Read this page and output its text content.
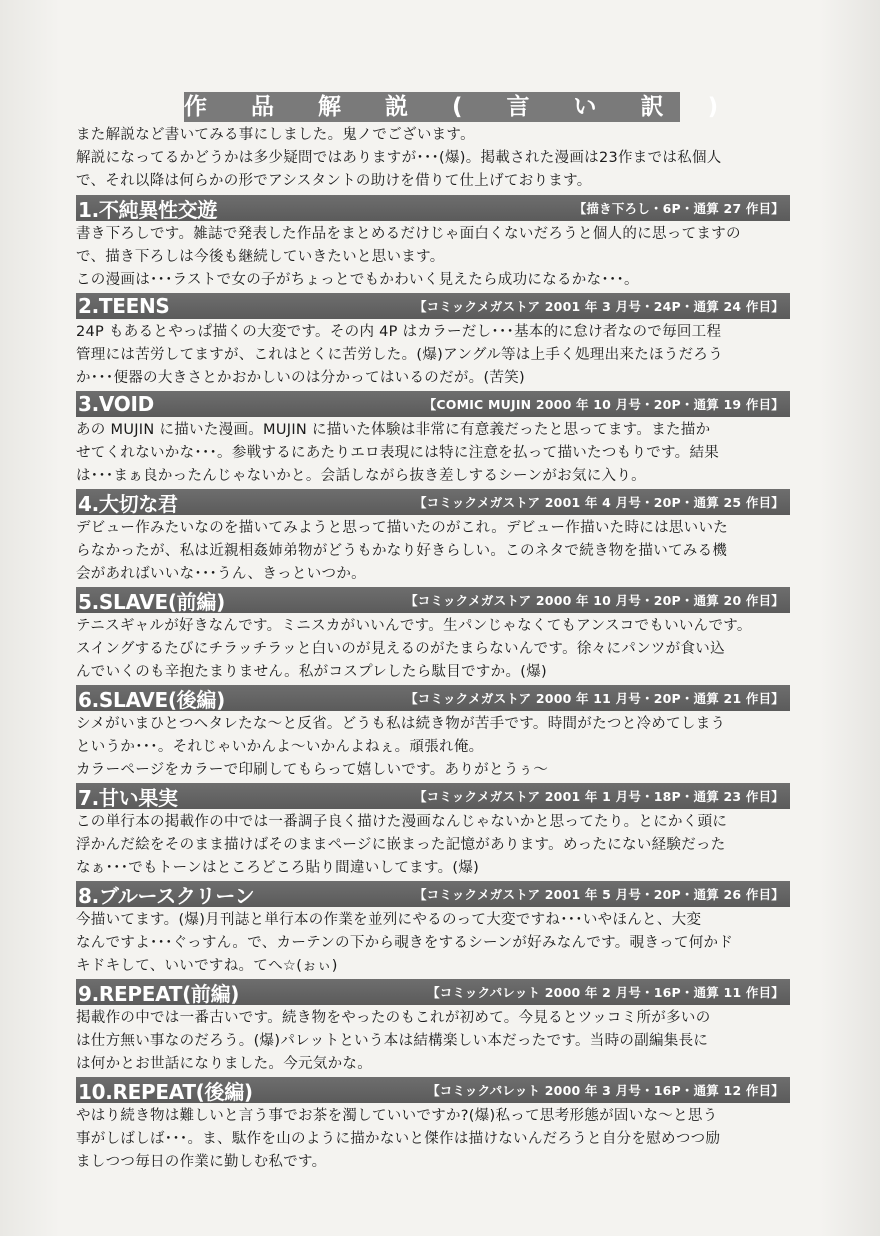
作 品 解 説 ( 言 い 訳 )

また解説など書いてみる事にしました。鬼ノでございます。

解説になってるかどうかは多少疑問ではありますが･･･(爆)。掲載された漫画は23作までは私個人

で、それ以降は何らかの形でアシスタントの助けを借りて仕上げております。

1.不純異性交遊	【描き下ろし・6P・通算 27 作目】

書き下ろしです。雑誌で発表した作品をまとめるだけじゃ面白くないだろうと個人的に思ってますの

で、描き下ろしは今後も継続していきたいと思います。

この漫画は･･･ラストで女の子がちょっとでもかわいく見えたら成功になるかな･･･。

2.TEENS	【コミックメガストア 2001 年 3 月号・24P・通算 24 作目】

24P もあるとやっぱ描くの大変です。その内 4P はカラーだし･･･基本的に怠け者なので毎回工程

管理には苦労してますが、これはとくに苦労した。(爆)アングル等は上手く処理出来たほうだろう

か･･･便器の大きさとかおかしいのは分かってはいるのだが。(苦笑)

3.VOID	【COMIC MUJIN 2000 年 10 月号・20P・通算 19 作目】

あの MUJIN に描いた漫画。MUJIN に描いた体験は非常に有意義だったと思ってます。また描か

せてくれないかな･･･。参戦するにあたりエロ表現には特に注意を払って描いたつもりです。結果

は･･･まぁ良かったんじゃないかと。会話しながら抜き差しするシーンがお気に入り。

4.大切な君	【コミックメガストア 2001 年 4 月号・20P・通算 25 作目】

デビュー作みたいなのを描いてみようと思って描いたのがこれ。デビュー作描いた時には思いいた

らなかったが、私は近親相姦姉弟物がどうもかなり好きらしい。このネタで続き物を描いてみる機

会があればいいな･･･うん、きっといつか。

5.SLAVE(前編)	【コミックメガストア 2000 年 10 月号・20P・通算 20 作目】

テニスギャルが好きなんです。ミニスカがいいんです。生パンじゃなくてもアンスコでもいいんです。

スイングするたびにチラッチラッと白いのが見えるのがたまらないんです。徐々にパンツが食い込

んでいくのも辛抱たまりません。私がコスプレしたら駄目ですか。(爆)

6.SLAVE(後編)	【コミックメガストア 2000 年 11 月号・20P・通算 21 作目】

シメがいまひとつヘタレたな～と反省。どうも私は続き物が苦手です。時間がたつと冷めてしまう

というか･･･。それじゃいかんよ～いかんよねぇ。頑張れ俺。

カラーページをカラーで印刷してもらって嬉しいです。ありがとうぅ～

7.甘い果実	【コミックメガストア 2001 年 1 月号・18P・通算 23 作目】

この単行本の掲載作の中では一番調子良く描けた漫画なんじゃないかと思ってたり。とにかく頭に

浮かんだ絵をそのまま描けばそのままページに嵌まった記憶があります。めったにない経験だった

なぁ･･･でもトーンはところどころ貼り間違いしてます。(爆)

8.ブルースクリーン	【コミックメガストア 2001 年 5 月号・20P・通算 26 作目】

今描いてます。(爆)月刊誌と単行本の作業を並列にやるのって大変ですね･･･いやほんと、大変

なんですよ･･･ぐっすん。で、カーテンの下から覗きをするシーンが好みなんです。覗きって何かド

キドキして、いいですね。てへ☆(ぉぃ)

9.REPEAT(前編)	【コミックパレット 2000 年 2 月号・16P・通算 11 作目】

掲載作の中では一番古いです。続き物をやったのもこれが初めて。今見るとツッコミ所が多いの

は仕方無い事なのだろう。(爆)パレットという本は結構楽しい本だったです。当時の副編集長に

は何かとお世話になりました。今元気かな。

10.REPEAT(後編)	【コミックパレット 2000 年 3 月号・16P・通算 12 作目】

やはり続き物は難しいと言う事でお茶を濁していいですか?(爆)私って思考形態が固いな～と思う

事がしばしば･･･。ま、駄作を山のように描かないと傑作は描けないんだろうと自分を慰めつつ励

ましつつ毎日の作業に勤しむ私です。
